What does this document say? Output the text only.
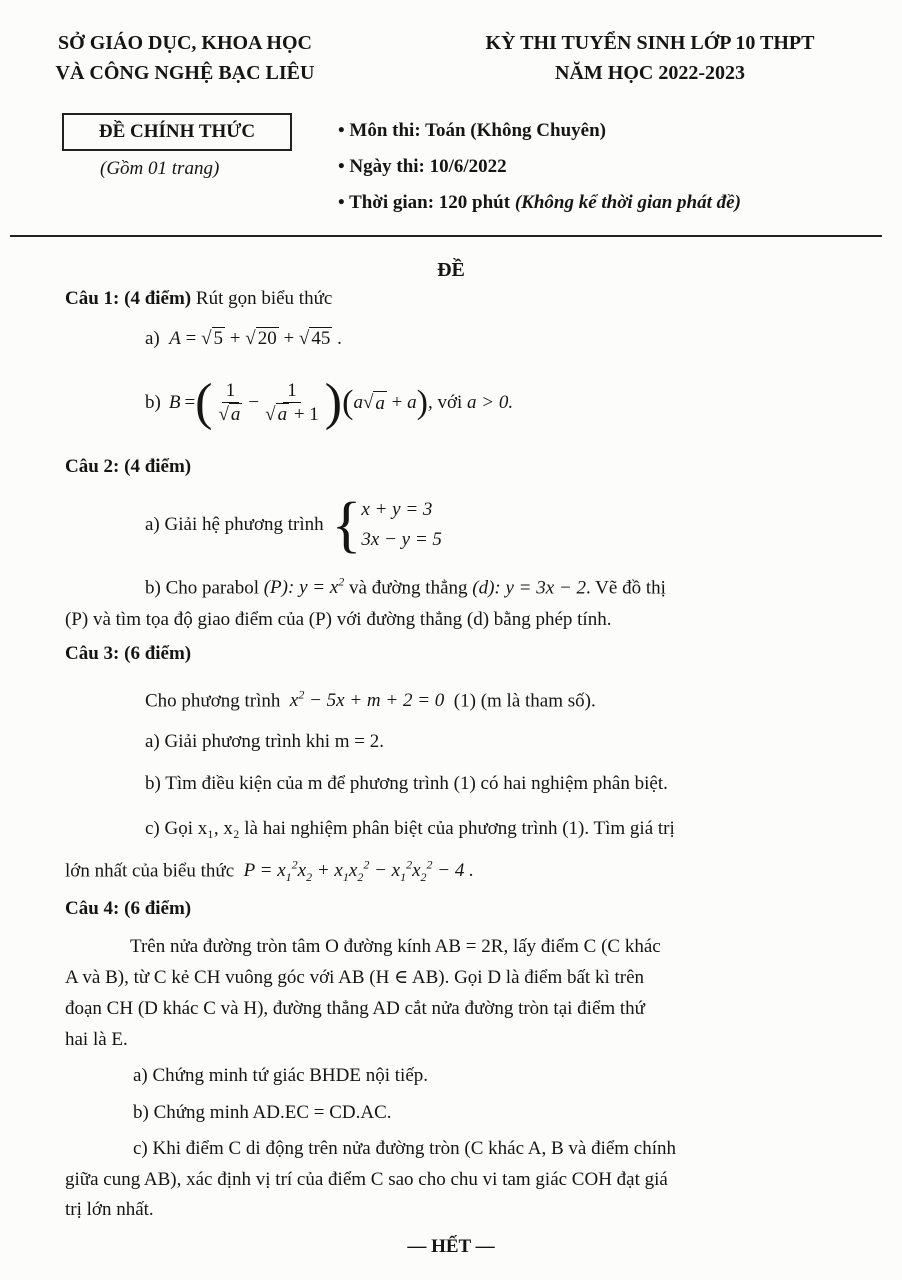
SỞ GIÁO DỤC, KHOA HỌC
VÀ CÔNG NGHỆ BẠC LIÊU
KỲ THI TUYỂN SINH LỚP 10 THPT
NĂM HỌC 2022-2023
ĐỀ CHÍNH THỨC
(Gồm 01 trang)
• Môn thi: Toán (Không Chuyên)
• Ngày thi: 10/6/2022
• Thời gian: 120 phút (Không kể thời gian phát đề)
ĐỀ
Câu 1: (4 điểm) Rút gọn biểu thức
a)  A = √ 5 + √ 20 + √ 45 .
b) B = ( $\frac{1}{√ a} - \frac{1}{√ a + 1}$ ) ( a √ a + a ) , với
a > 0.
Câu 2: (4 điểm)
a) Giải hệ phương trình { x + y = 3
3x − y = 5
b) Cho parabol (P): $y = x^2$ và đường thẳng (d): y = 3x − 2. Vẽ đồ thị
(P) và tìm tọa độ giao điểm của (P) với đường thẳng (d) bằng phép tính.
Câu 3: (6 điểm)
Cho phương trình  $x^2 - 5x + m + 2 = 0$  (1) (m là tham số).
a) Giải phương trình khi m = 2.
b) Tìm điều kiện của m để phương trình (1) có hai nghiệm phân biệt.
c) Gọi x₁, x₂ là hai nghiệm phân biệt của phương trình (1). Tìm giá trị
lớn nhất của biểu thức  $P = x_1^2x_2 + x_1x_2^2 - x_1^2x_2^2 - 4$ .
Câu 4: (6 điểm)
Trên nửa đường tròn tâm O đường kính AB = 2R, lấy điểm C (C khác
A và B), từ C kẻ CH vuông góc với AB (H ∈ AB). Gọi D là điểm bất kì trên
đoạn CH (D khác C và H), đường thẳng AD cắt nửa đường tròn tại điểm thứ
hai là E.
a) Chứng minh tứ giác BHDE nội tiếp.
b) Chứng minh AD.EC = CD.AC.
c) Khi điểm C di động trên nửa đường tròn (C khác A, B và điểm chính
giữa cung AB), xác định vị trí của điểm C sao cho chu vi tam giác COH đạt giá
trị lớn nhất.
— HẾT —
